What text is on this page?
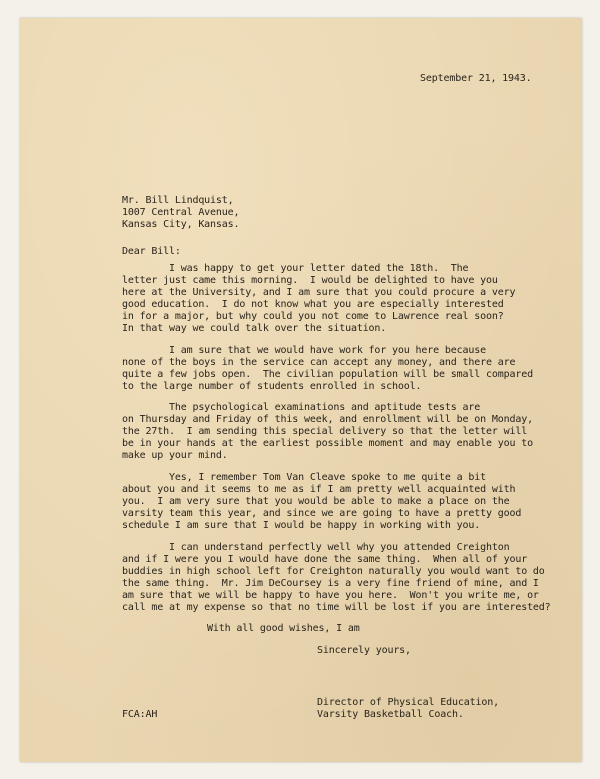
September 21, 1943.
Mr. Bill Lindquist,
1007 Central Avenue,
Kansas City, Kansas.
Dear Bill:
I was happy to get your letter dated the 18th.  The
letter just came this morning.  I would be delighted to have you
here at the University, and I am sure that you could procure a very
good education.  I do not know what you are especially interested
in for a major, but why could you not come to Lawrence real soon?
In that way we could talk over the situation.
I am sure that we would have work for you here because
none of the boys in the service can accept any money, and there are
quite a few jobs open.  The civilian population will be small compared
to the large number of students enrolled in school.
The psychological examinations and aptitude tests are
on Thursday and Friday of this week, and enrollment will be on Monday,
the 27th.  I am sending this special delivery so that the letter will
be in your hands at the earliest possible moment and may enable you to
make up your mind.
Yes, I remember Tom Van Cleave spoke to me quite a bit
about you and it seems to me as if I am pretty well acquainted with
you.  I am very sure that you would be able to make a place on the
varsity team this year, and since we are going to have a pretty good
schedule I am sure that I would be happy in working with you.
I can understand perfectly well why you attended Creighton
and if I were you I would have done the same thing.  When all of your
buddies in high school left for Creighton naturally you would want to do
the same thing.  Mr. Jim DeCoursey is a very fine friend of mine, and I
am sure that we will be happy to have you here.  Won't you write me, or
call me at my expense so that no time will be lost if you are interested?
With all good wishes, I am
Sincerely yours,
Director of Physical Education,
Varsity Basketball Coach.
FCA:AH
